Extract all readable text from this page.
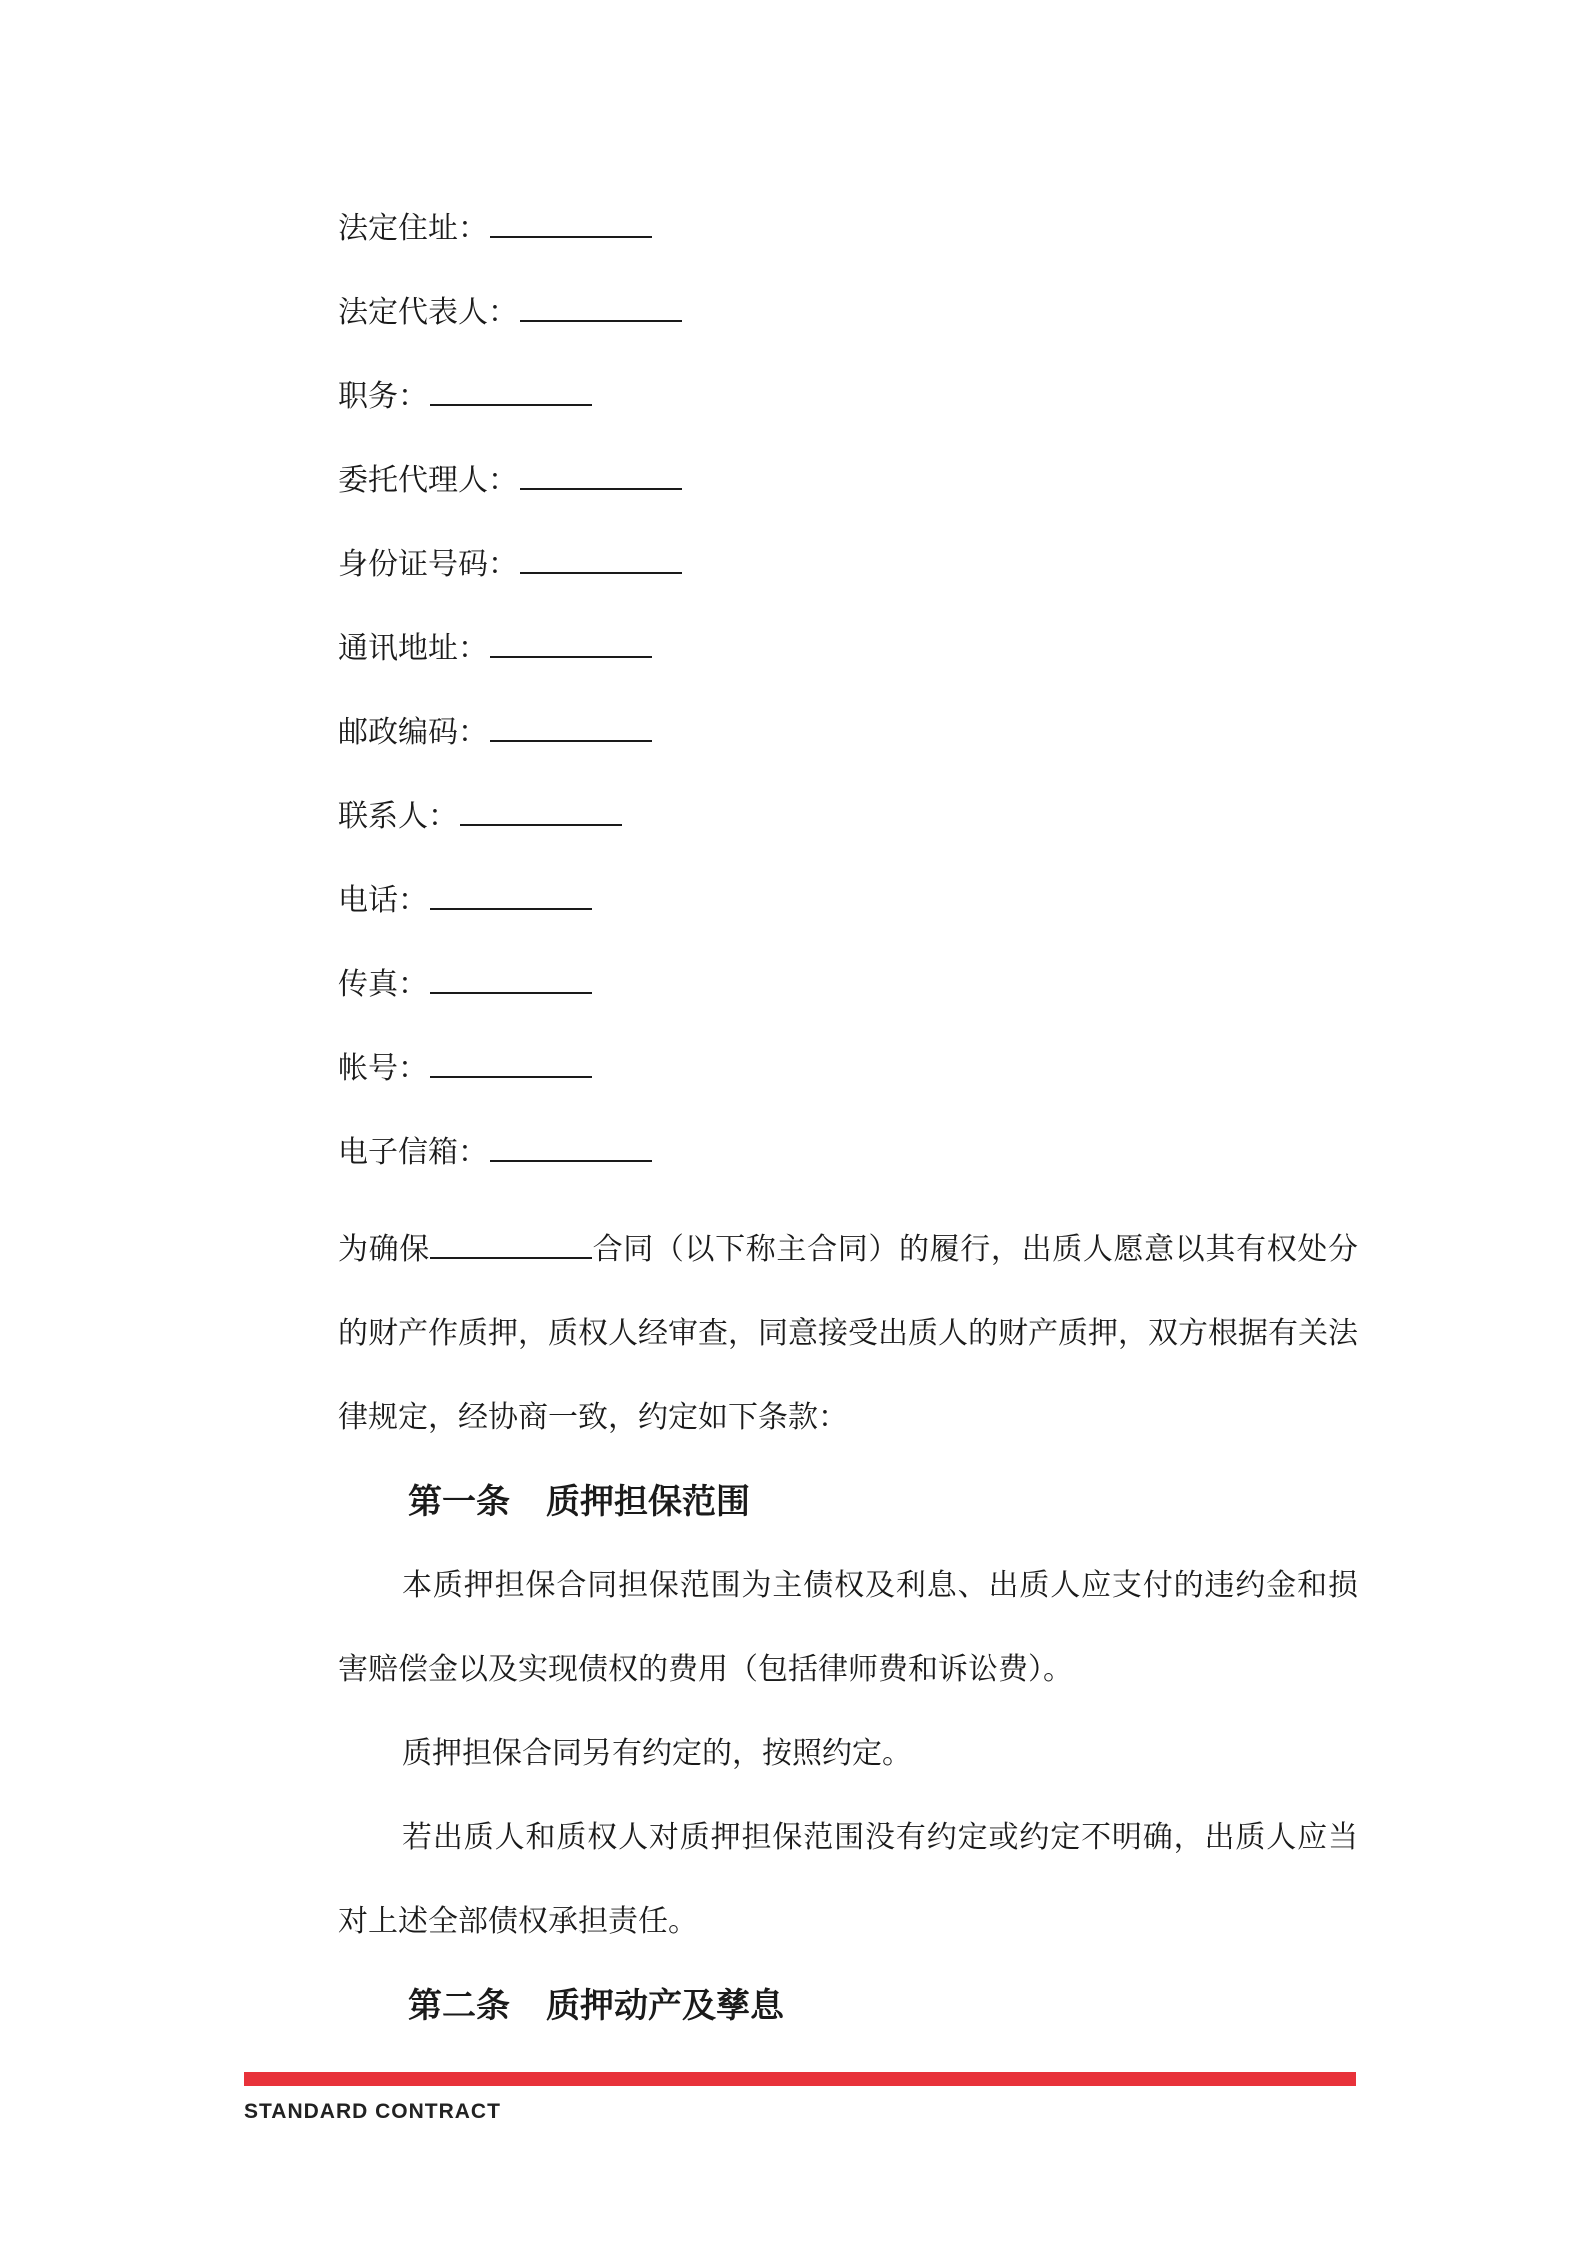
法定住址：
法定代表人：
职务：
委托代理人：
身份证号码：
通讯地址：
邮政编码：
联系人：
电话：
传真：
帐号：
电子信箱：

为确保	合同（以下称主合同）的履行，出质人愿意以其有权处分的财产作质押，质权人经审查，同意接受出质人的财产质押，双方根据有关法律规定，经协商一致，约定如下条款：

第一条 质押担保范围

本质押担保合同担保范围为主债权及利息、出质人应支付的违约金和损害赔偿金以及实现债权的费用（包括律师费和诉讼费）。

质押担保合同另有约定的，按照约定。

若出质人和质权人对质押担保范围没有约定或约定不明确，出质人应当对上述全部债权承担责任。

第二条 质押动产及孳息

STANDARD CONTRACT
